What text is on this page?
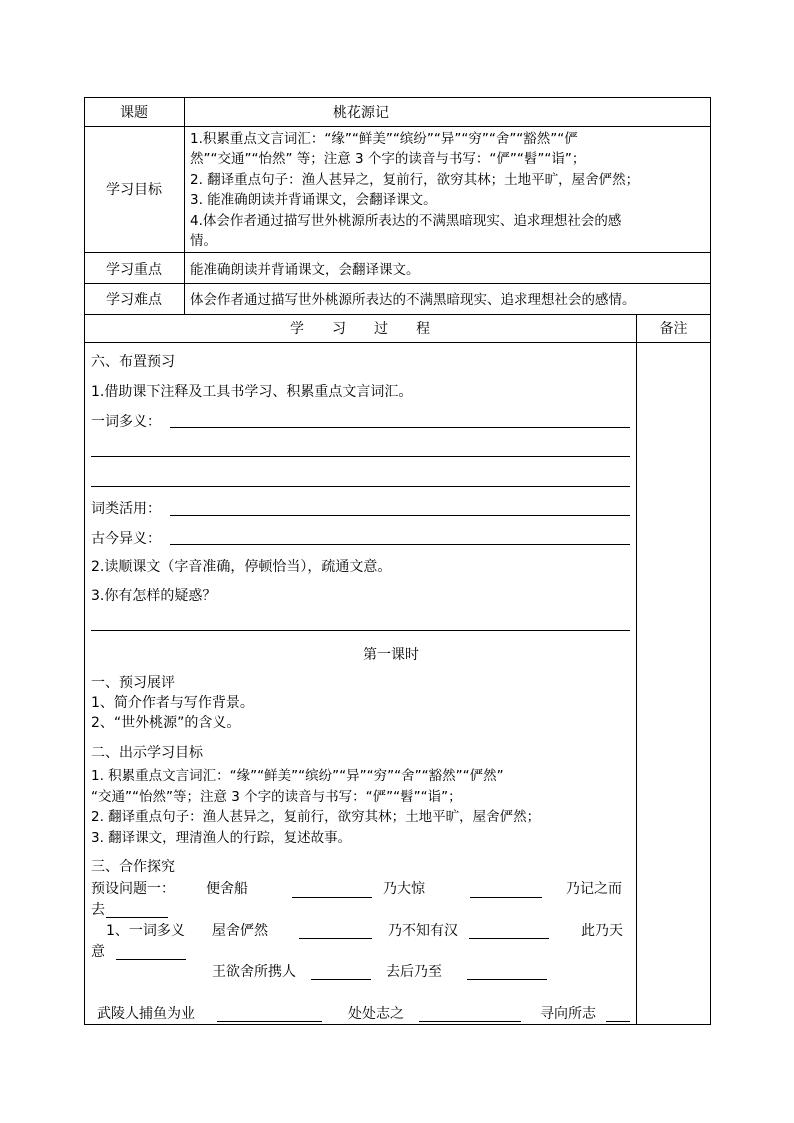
课题	桃花源记
学习目标
1.积累重点文言词汇：“缘”“鲜美”“缤纷”“异”“穷”“舍”“豁然”“俨
然”“交通”“怡然” 等；注意 3 个字的读音与书写：“俨”“髫”“诣”；
2. 翻译重点句子：渔人甚异之，复前行，欲穷其林；土地平旷，屋舍俨然；
3. 能准确朗读并背诵课文，会翻译课文。
4.体会作者通过描写世外桃源所表达的不满黑暗现实、追求理想社会的感
情。
学习重点	能准确朗读并背诵课文，会翻译课文。
学习难点	体会作者通过描写世外桃源所表达的不满黑暗现实、追求理想社会的感情。
学　　习　　过　　程	备注
六、布置预习
1.借助课下注释及工具书学习、积累重点文言词汇。
一词多义：
词类活用：
古今异义：
2.读顺课文（字音准确，停顿恰当），疏通文意。
3.你有怎样的疑惑？
第一课时
一、预习展评
1、简介作者与写作背景。
2、“世外桃源”的含义。
二、出示学习目标
1. 积累重点文言词汇：“缘”“鲜美”“缤纷”“异”“穷”“舍”“豁然”“俨然”
“交通”“怡然”等；注意 3 个字的读音与书写：“俨”“髫”“诣”；
2. 翻译重点句子：渔人甚异之，复前行，欲穷其林；土地平旷，屋舍俨然；
3. 翻译课文，理清渔人的行踪，复述故事。
三、合作探究
预设问题一： 便舍船	乃大惊	乃记之而
去
1、一词多义 屋舍俨然	乃不知有汉	此乃天
意
王欲舍所携人	去后乃至
武陵人捕鱼为业	处处志之	寻向所志
